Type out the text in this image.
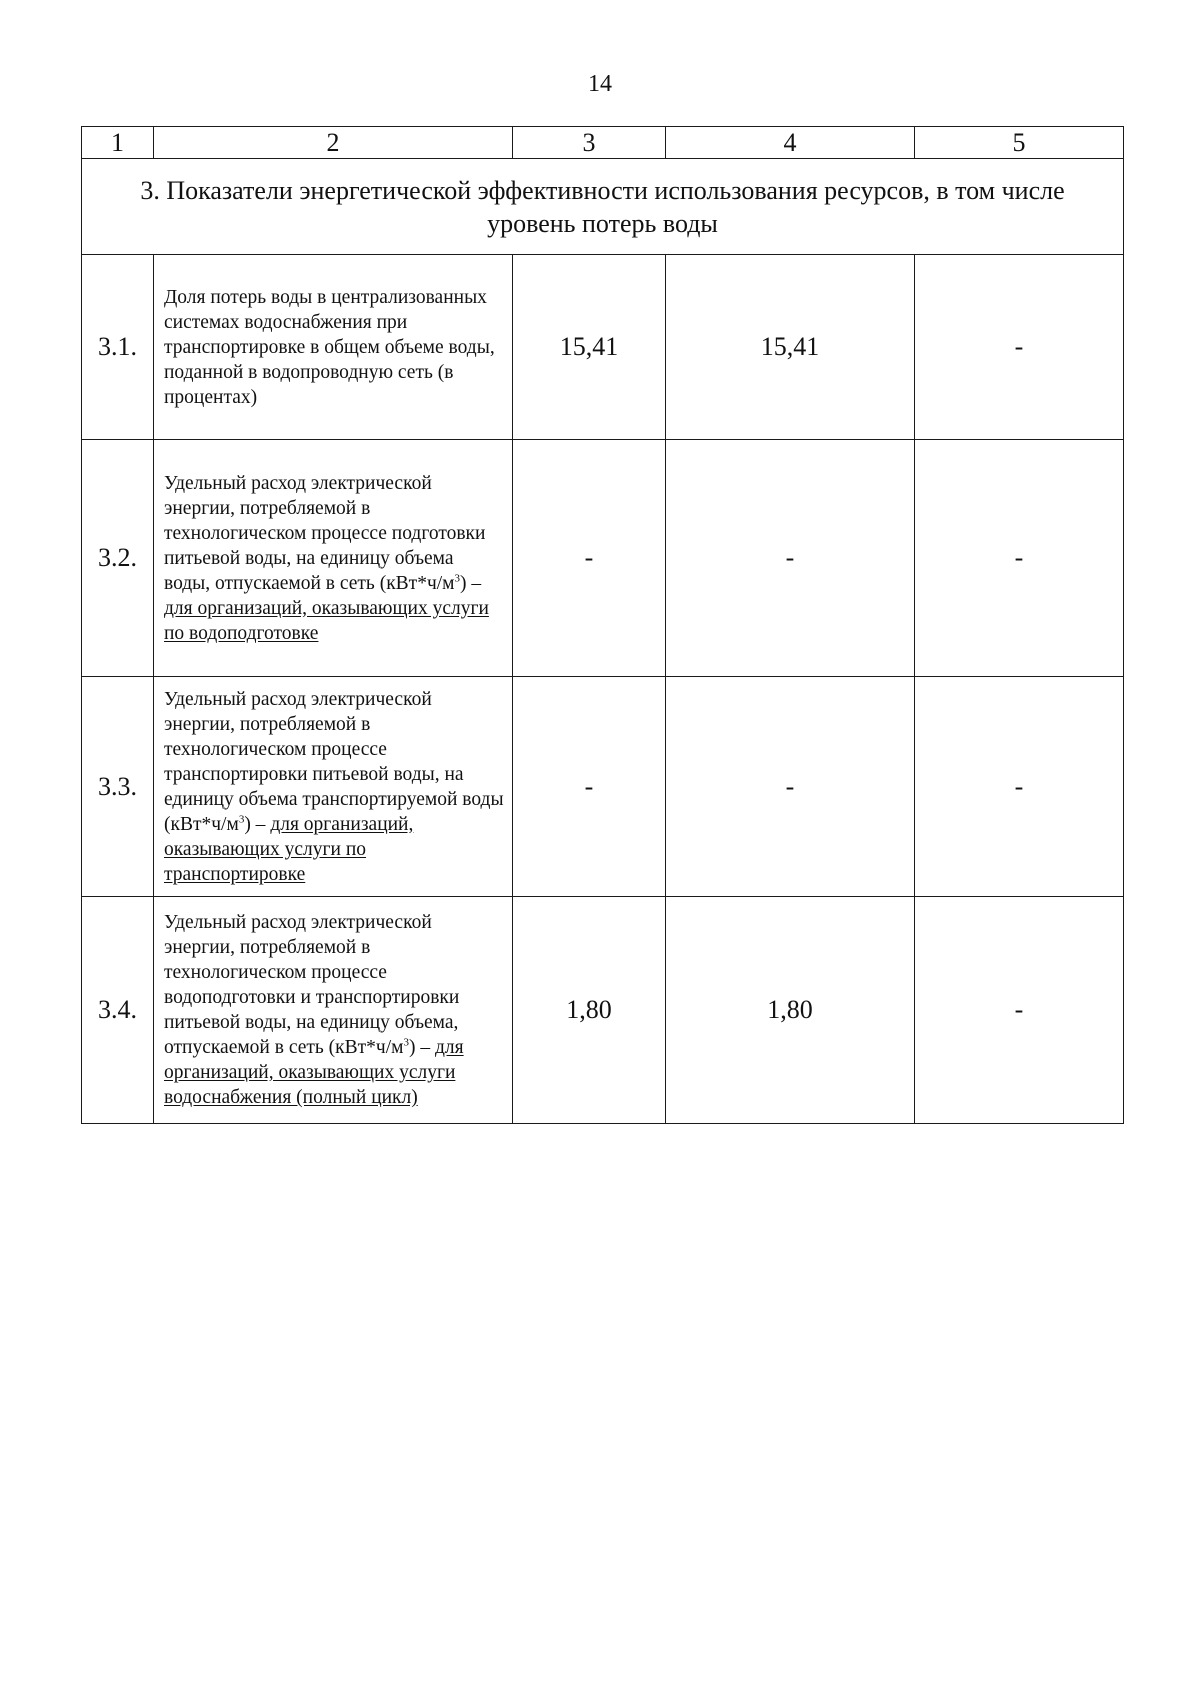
14
1	2	3	4	5
3. Показатели энергетической эффективности использования ресурсов, в том числе уровень потерь воды				
3.1.	Доля потерь воды в централизованных системах водоснабжения при транспортировке в общем объеме воды, поданной в водопроводную сеть (в процентах)	15,41	15,41	-
3.2.	Удельный расход электрической энергии, потребляемой в технологическом процессе подготовки питьевой воды, на единицу объема воды, отпускаемой в сеть $(кВт*ч/м^3)$ – для организаций, оказывающих услуги по водоподготовке	-	-	-
3.3.	Удельный расход электрической энергии, потребляемой в технологическом процессе транспортировки питьевой воды, на единицу объема транспортируемой воды $(кВт*ч/м^3)$ – для организаций, оказывающих услуги по транспортировке	-	-	-
3.4.	Удельный расход электрической энергии, потребляемой в технологическом процессе водоподготовки и транспортировки питьевой воды, на единицу объема, отпускаемой в сеть $(кВт*ч/м^3)$ – для организаций, оказывающих услуги водоснабжения (полный цикл)	1,80	1,80	-
